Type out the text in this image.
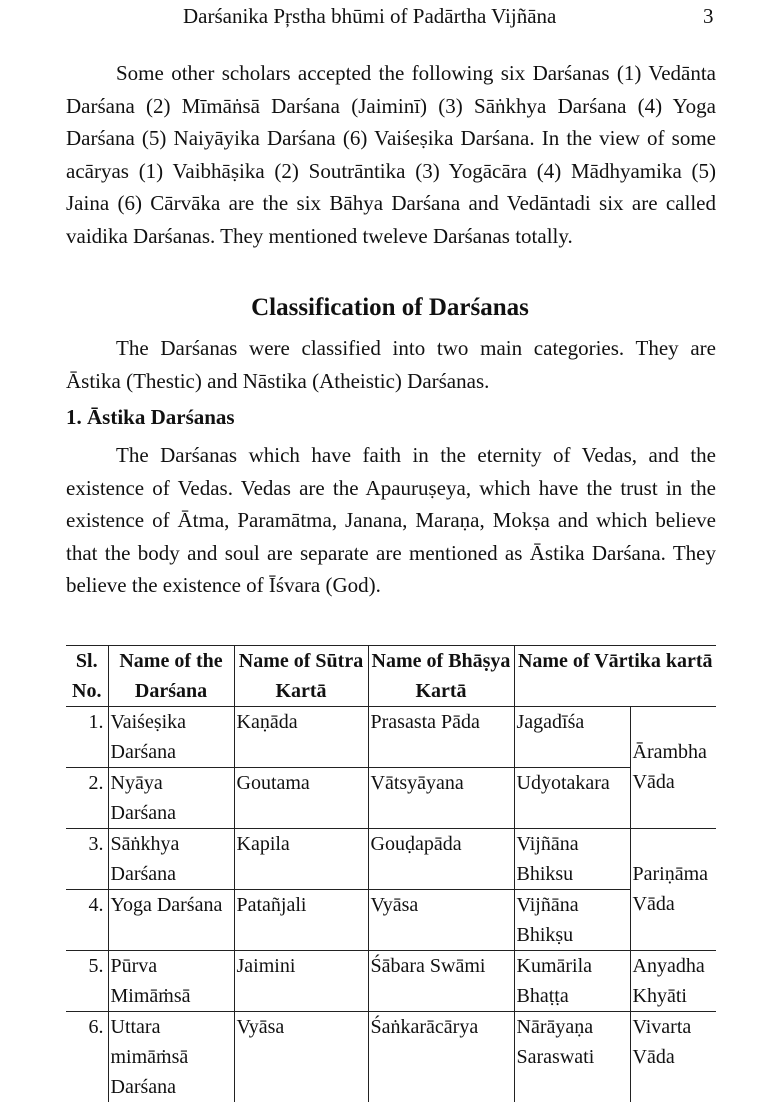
Darśanika Pŗstha bhūmi of Padārtha Vijñāna	3

Some other scholars accepted the following six Darśanas (1) Vedānta Darśana (2) Mīmāṅsā Darśana (Jaiminī) (3) Sāṅkhya Darśana (4) Yoga Darśana (5) Naiyāyika Darśana (6) Vaiśeṣika Darśana. In the view of some acāryas (1) Vaibhāṣika (2) Soutrāntika (3) Yogācāra (4) Mādhyamika (5) Jaina (6) Cārvāka are the six Bāhya Darśana and Vedāntadi six are called vaidika Darśanas. They mentioned tweleve Darśanas totally.

Classification of Darśanas

The Darśanas were classified into two main categories. They are Āstika (Thestic) and Nāstika (Atheistic) Darśanas.

1. Āstika Darśanas

The Darśanas which have faith in the eternity of Vedas, and the existence of Vedas. Vedas are the Apauruṣeya, which have the trust in the existence of Ātma, Paramātma, Janana, Maraṇa, Mokṣa and which believe that the body and soul are separate are mentioned as Āstika Darśana. They believe the existence of Īśvara (God).

Sl. No.	Name of the Darśana	Name of Sūtra Kartā	Name of Bhāṣya Kartā	Name of Vārtika kartā	
1.	Vaiśeṣika Darśana	Kaṇāda	Prasasta Pāda	Jagadīśa	Ārambha Vāda
2.	Nyāya Darśana	Goutama	Vātsyāyana	Udyotakara	
3.	Sāṅkhya Darśana	Kapila	Gouḍapāda	Vijñāna Bhiksu	Pariṇāma Vāda
4.	Yoga Darśana	Patañjali	Vyāsa	Vijñāna Bhikṣu	
5.	Pūrva Mimāṁsā	Jaimini	Śābara Swāmi	Kumārila Bhaṭṭa	Anyadha Khyāti
6.	Uttara mimāṁsā Darśana	Vyāsa	Śaṅkarācārya	Nārāyaṇa Saraswati	Vivarta Vāda
